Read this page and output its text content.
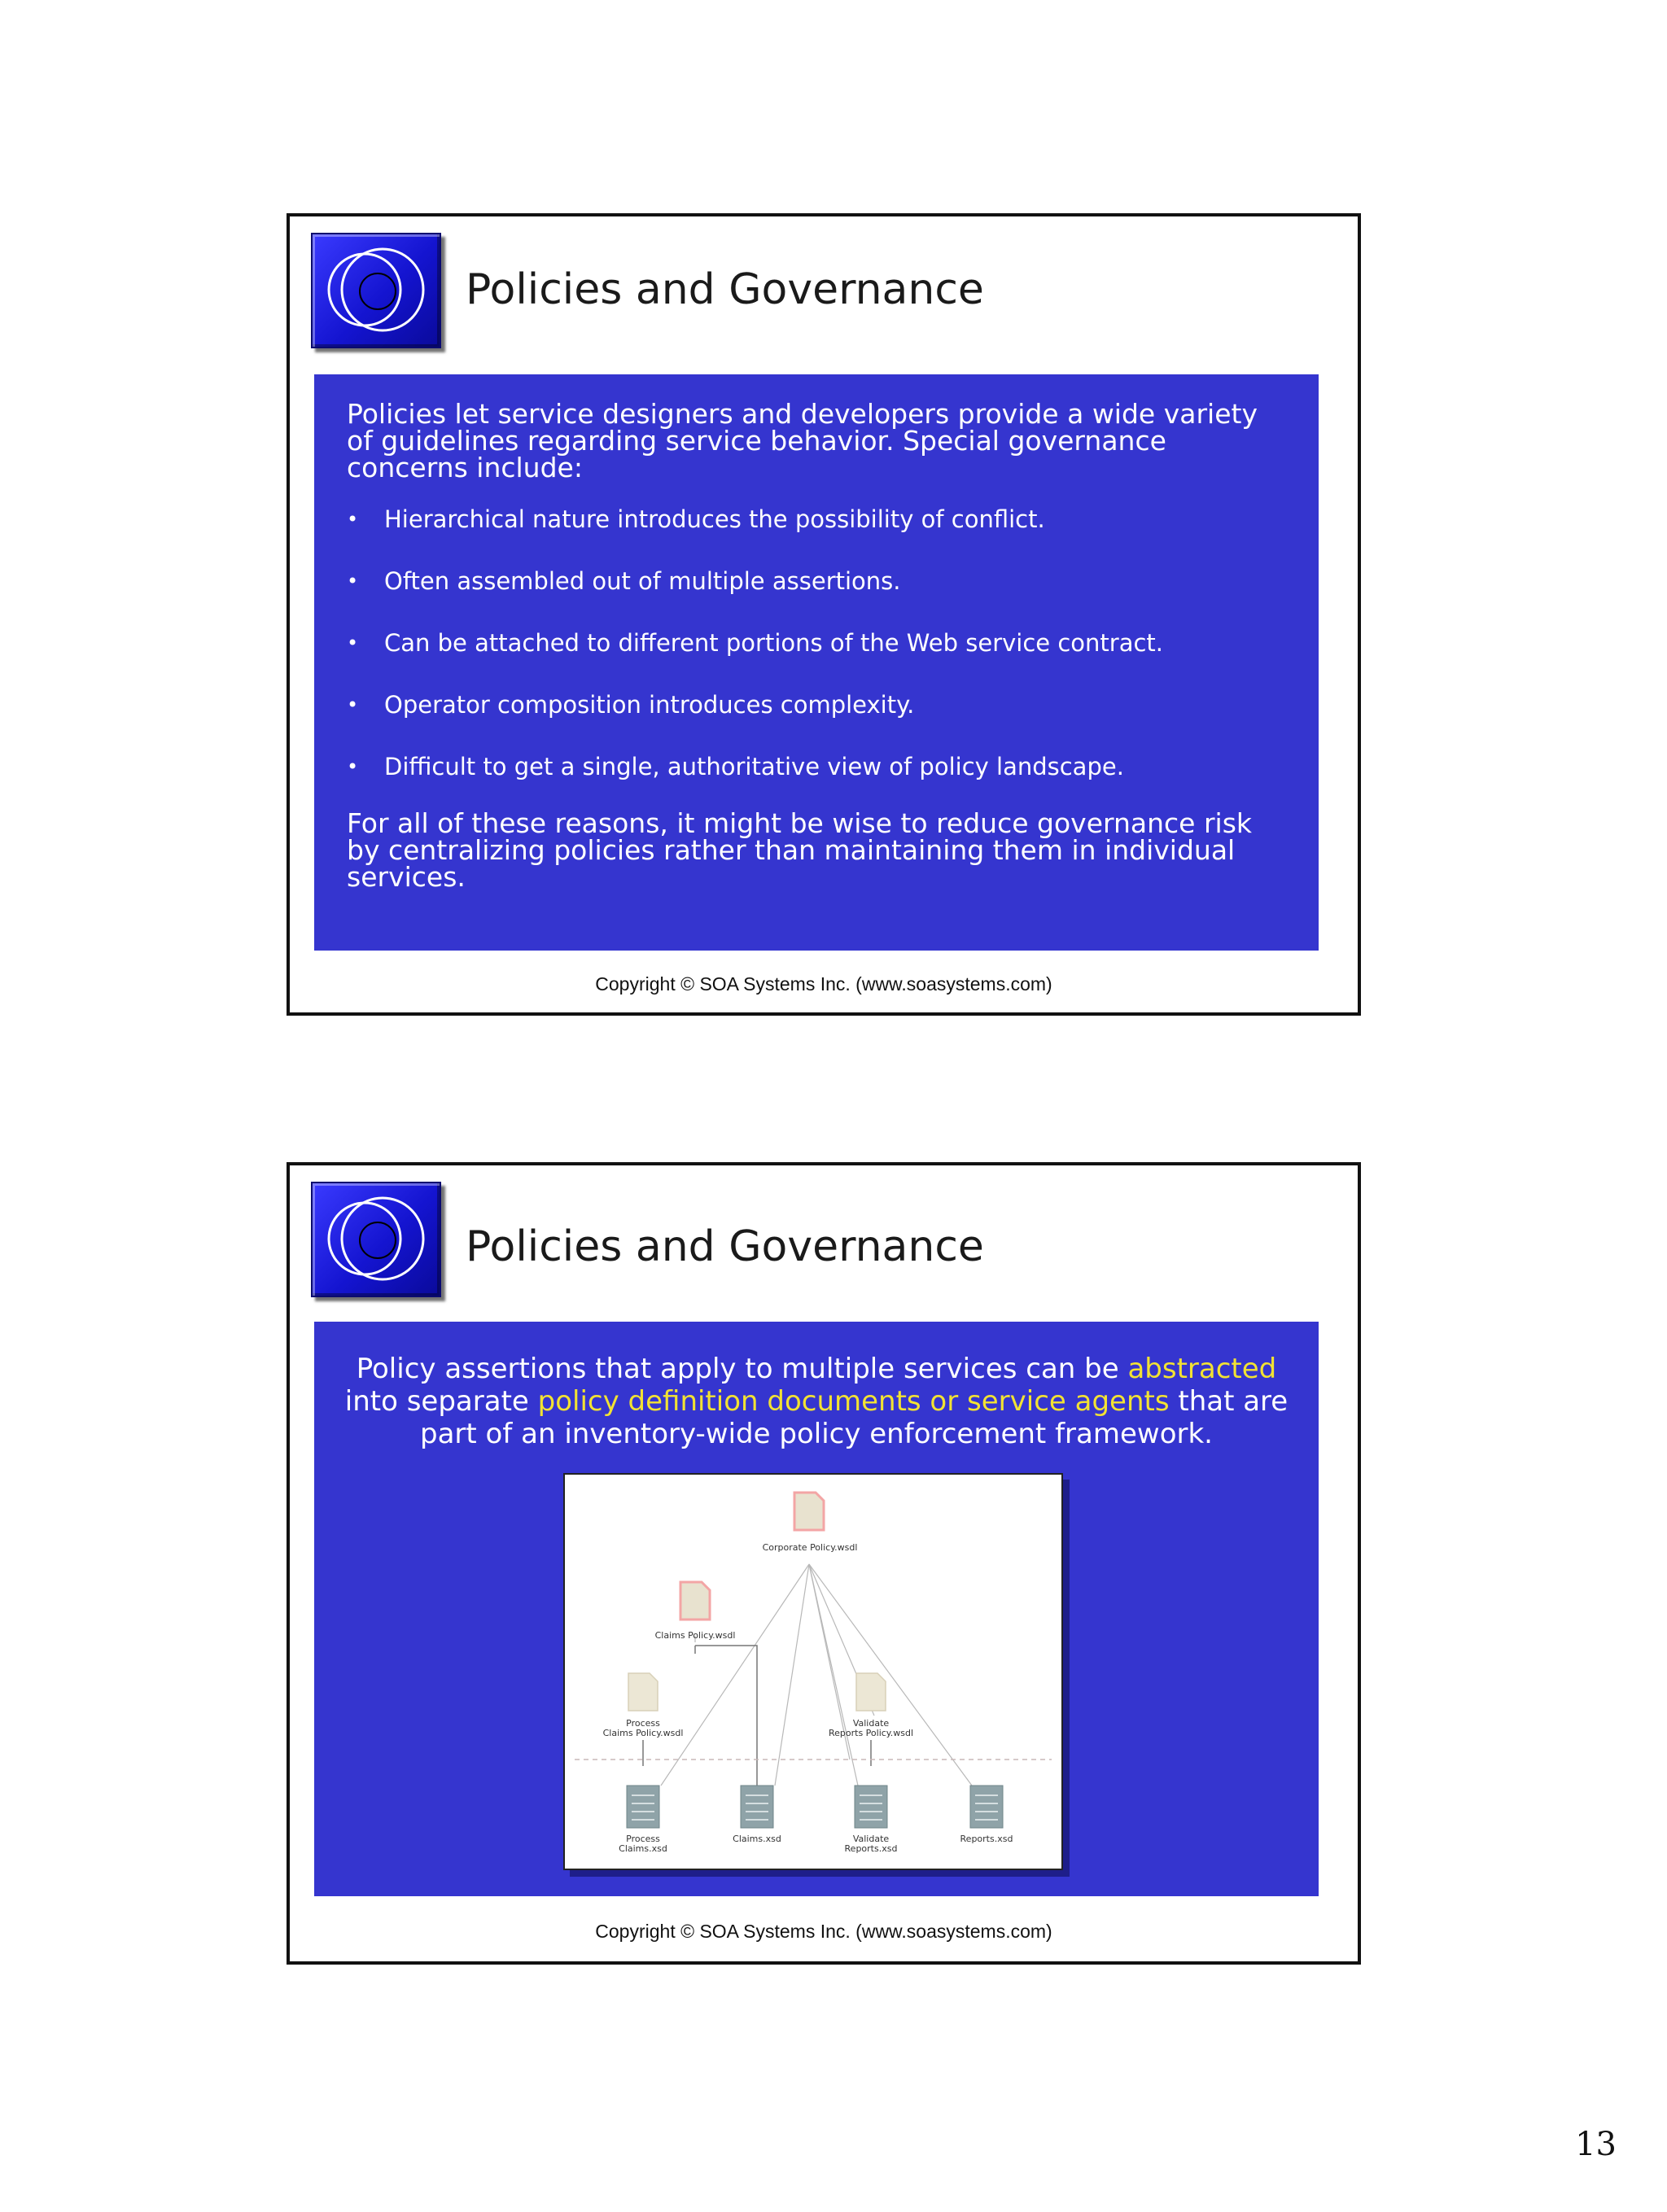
Policies and Governance

Policies let service designers and developers provide a wide variety of guidelines regarding service behavior. Special governance concerns include:

• Hierarchical nature introduces the possibility of conflict.
• Often assembled out of multiple assertions.
• Can be attached to different portions of the Web service contract.
• Operator composition introduces complexity.
• Difficult to get a single, authoritative view of policy landscape.

For all of these reasons, it might be wise to reduce governance risk by centralizing policies rather than maintaining them in individual services.

Copyright © SOA Systems Inc. (www.soasystems.com)
Policies and Governance

Policy assertions that apply to multiple services can be abstracted into separate policy definition documents or service agents that are part of an inventory-wide policy enforcement framework.

Corporate Policy.wsdl
Claims Policy.wsdl
Process
Claims Policy.wsdl
Validate
Reports Policy.wsdl
Process
Claims.xsd
Claims.xsd	Validate
Reports.xsd
Reports.xsd
Copyright © SOA Systems Inc. (www.soasystems.com)
13
